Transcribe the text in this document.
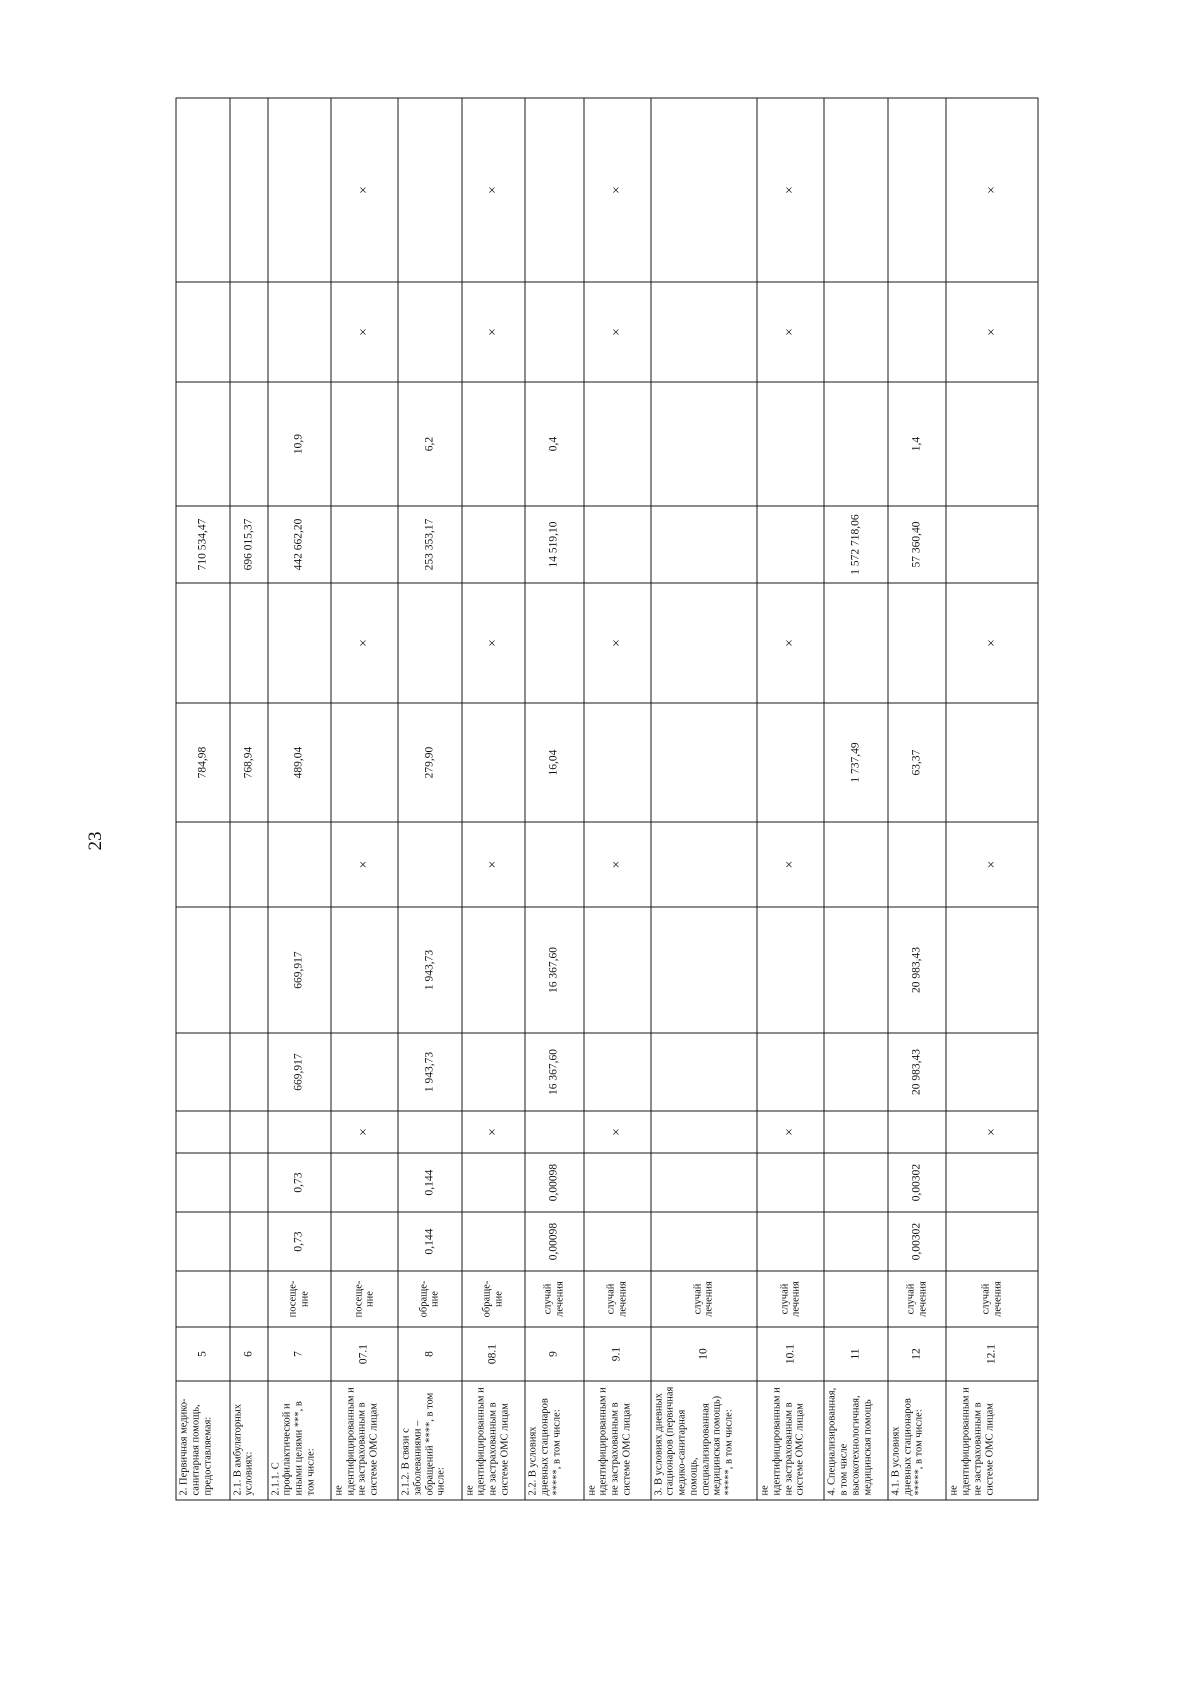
23
2. Первичная медико-санитарная помощь, предоставляемая:	5								784,98		710 534,47			
2.1. В амбулаторных условиях:	6								768,94		696 015,37			
2.1.1. С профилактической и иными целями ***, в том числе:	7	посеще-ние	0,73	0,73		669,917	669,917		489,04		442 662,20	10,9		
не идентифицированным и не застрахованным в системе ОМС лицам	07.1	посеще-ние			×			×		×			×	×
2.1.2. В связи с заболеваниями – обращений ****, в том числе:	8	обраще-ние	0,144	0,144		1 943,73	1 943,73		279,90		253 353,17	6,2		
не идентифицированным и не застрахованным в системе ОМС лицам	08.1	обраще-ние			×			×		×			×	×
2.2. В условиях дневных стационаров *****, в том числе:	9	случай лечения	0,00098	0,00098		16 367,60	16 367,60		16,04		14 519,10	0,4		
не идентифицированным и не застрахованным в системе ОМС лицам	9.1	случай лечения			×			×		×			×	×
3. В условиях дневных стационаров (первичная медико-санитарная помощь, специализированная медицинская помощь) *****, в том числе:	10	случай лечения												
не идентифицированным и не застрахованным в системе ОМС лицам	10.1	случай лечения			×			×		×			×	×
4. Специализированная, в том числе высокотехнологичная, медицинская помощь	11								1 737,49		1 572 718,06			
4.1. В условиях дневных стационаров *****, в том числе:	12	случай лечения	0,00302	0,00302		20 983,43	20 983,43		63,37		57 360,40	1,4		
не идентифицированным и не застрахованным в системе ОМС лицам	12.1	случай лечения			×			×		×			×	×
